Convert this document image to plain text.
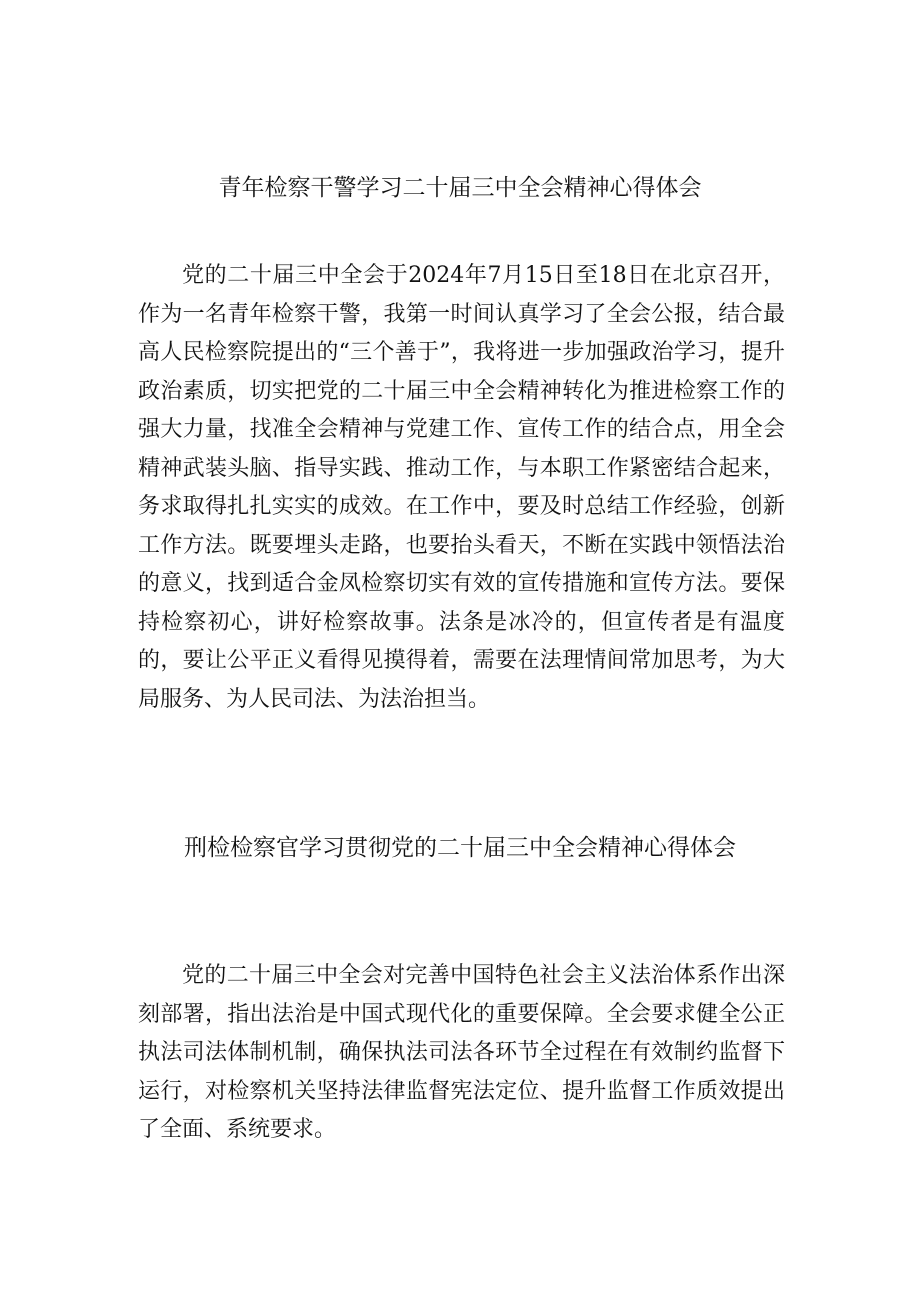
青年检察干警学习二十届三中全会精神心得体会

党的二十届三中全会于2024年7月15日至18日在北京召开，作为一名青年检察干警，我第一时间认真学习了全会公报，结合最高人民检察院提出的“三个善于”，我将进一步加强政治学习，提升政治素质，切实把党的二十届三中全会精神转化为推进检察工作的强大力量，找准全会精神与党建工作、宣传工作的结合点，用全会精神武装头脑、指导实践、推动工作，与本职工作紧密结合起来，务求取得扎扎实实的成效。在工作中，要及时总结工作经验，创新工作方法。既要埋头走路，也要抬头看天，不断在实践中领悟法治的意义，找到适合金凤检察切实有效的宣传措施和宣传方法。要保持检察初心，讲好检察故事。法条是冰冷的，但宣传者是有温度的，要让公平正义看得见摸得着，需要在法理情间常加思考，为大局服务、为人民司法、为法治担当。

刑检检察官学习贯彻党的二十届三中全会精神心得体会

党的二十届三中全会对完善中国特色社会主义法治体系作出深刻部署，指出法治是中国式现代化的重要保障。全会要求健全公正执法司法体制机制，确保执法司法各环节全过程在有效制约监督下运行，对检察机关坚持法律监督宪法定位、提升监督工作质效提出了全面、系统要求。
